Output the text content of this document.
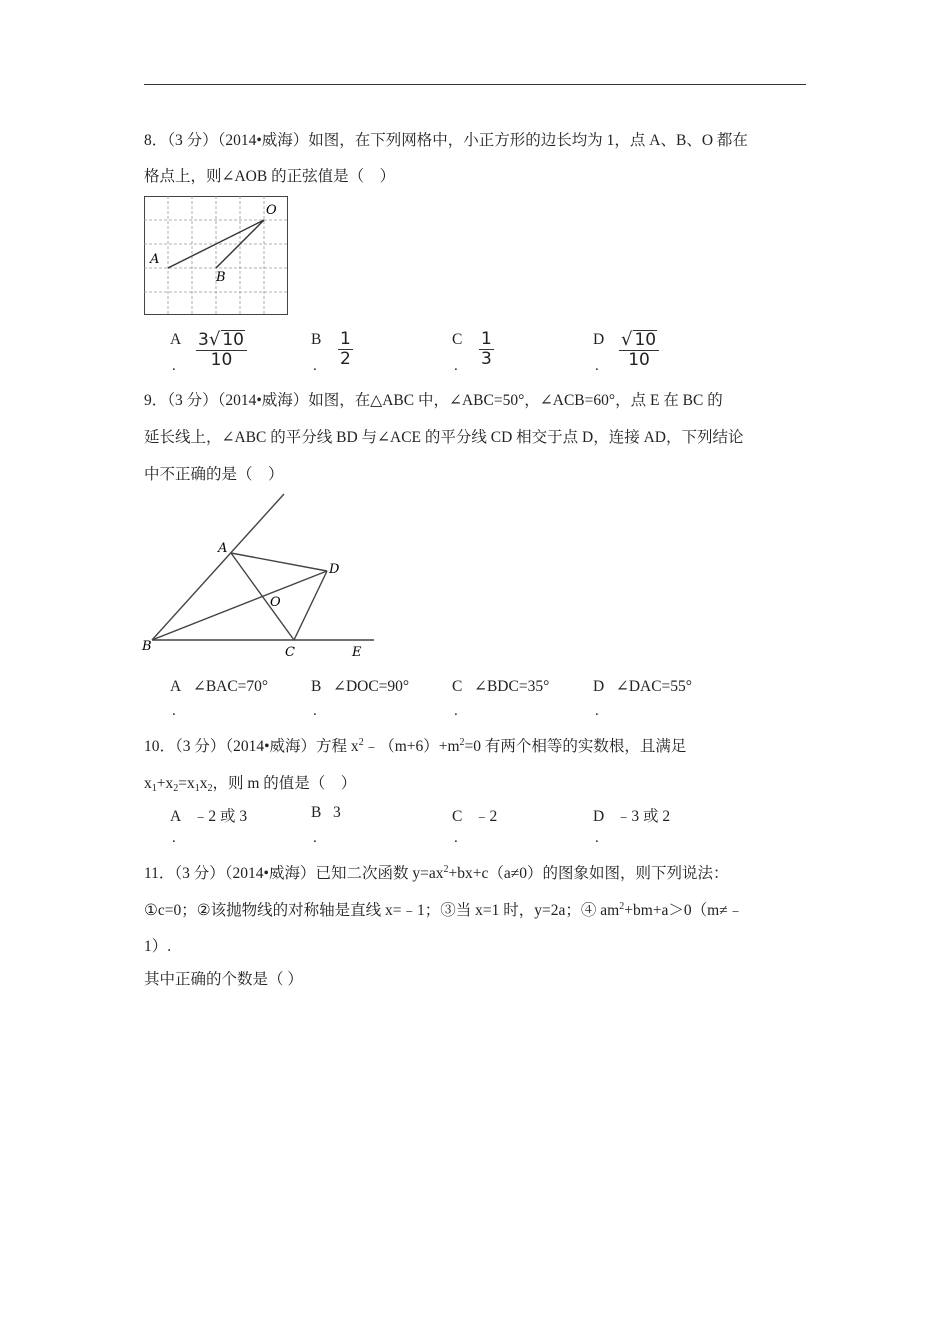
8．（3 分）（2014•威海）如图，在下列网格中，小正方形的边长均为 1，点 A、B、O 都在
格点上，则∠AOB 的正弦值是（　）
A
B
O
A
. $\frac{3√ 10}{10}$	B
. $\frac{1}{2}$	C
. $\frac{1}{3}$	D
. $\frac{√ 10}{10}$
9．（3 分）（2014•威海）如图，在△ABC 中，∠ABC=50°，∠ACB=60°，点 E 在 BC 的
延长线上，∠ABC 的平分线 BD 与∠ACE 的平分线 CD 相交于点 D，连接 AD，下列结论
中不正确的是（　）
A
B	C
D
E
O
A ∠BAC=70°
.
B ∠DOC=90°
.
C ∠BDC=35°
.
D ∠DAC=55°
.
10．（3 分）（2014•威海）方程 $x^2﹣(m+6)+m^2=0$ 有两个相等的实数根，且满足
$x_1+x_2=x_1x_2$，则 m 的值是（　）
A ﹣2 或 3
.
B 3
.
C ﹣2
.
D ﹣3 或 2
.
11．（3 分）（2014•威海）已知二次函数 $y=ax^2+bx+c(a\ne 0)$的图象如图，则下列说法：
①c=0；②该抛物线的对称轴是直线 x=﹣1；③当 x=1 时，y=2a；④ $am^2+bm+a>0(m\ne﹣$
1）.
其中正确的个数是（ ）
